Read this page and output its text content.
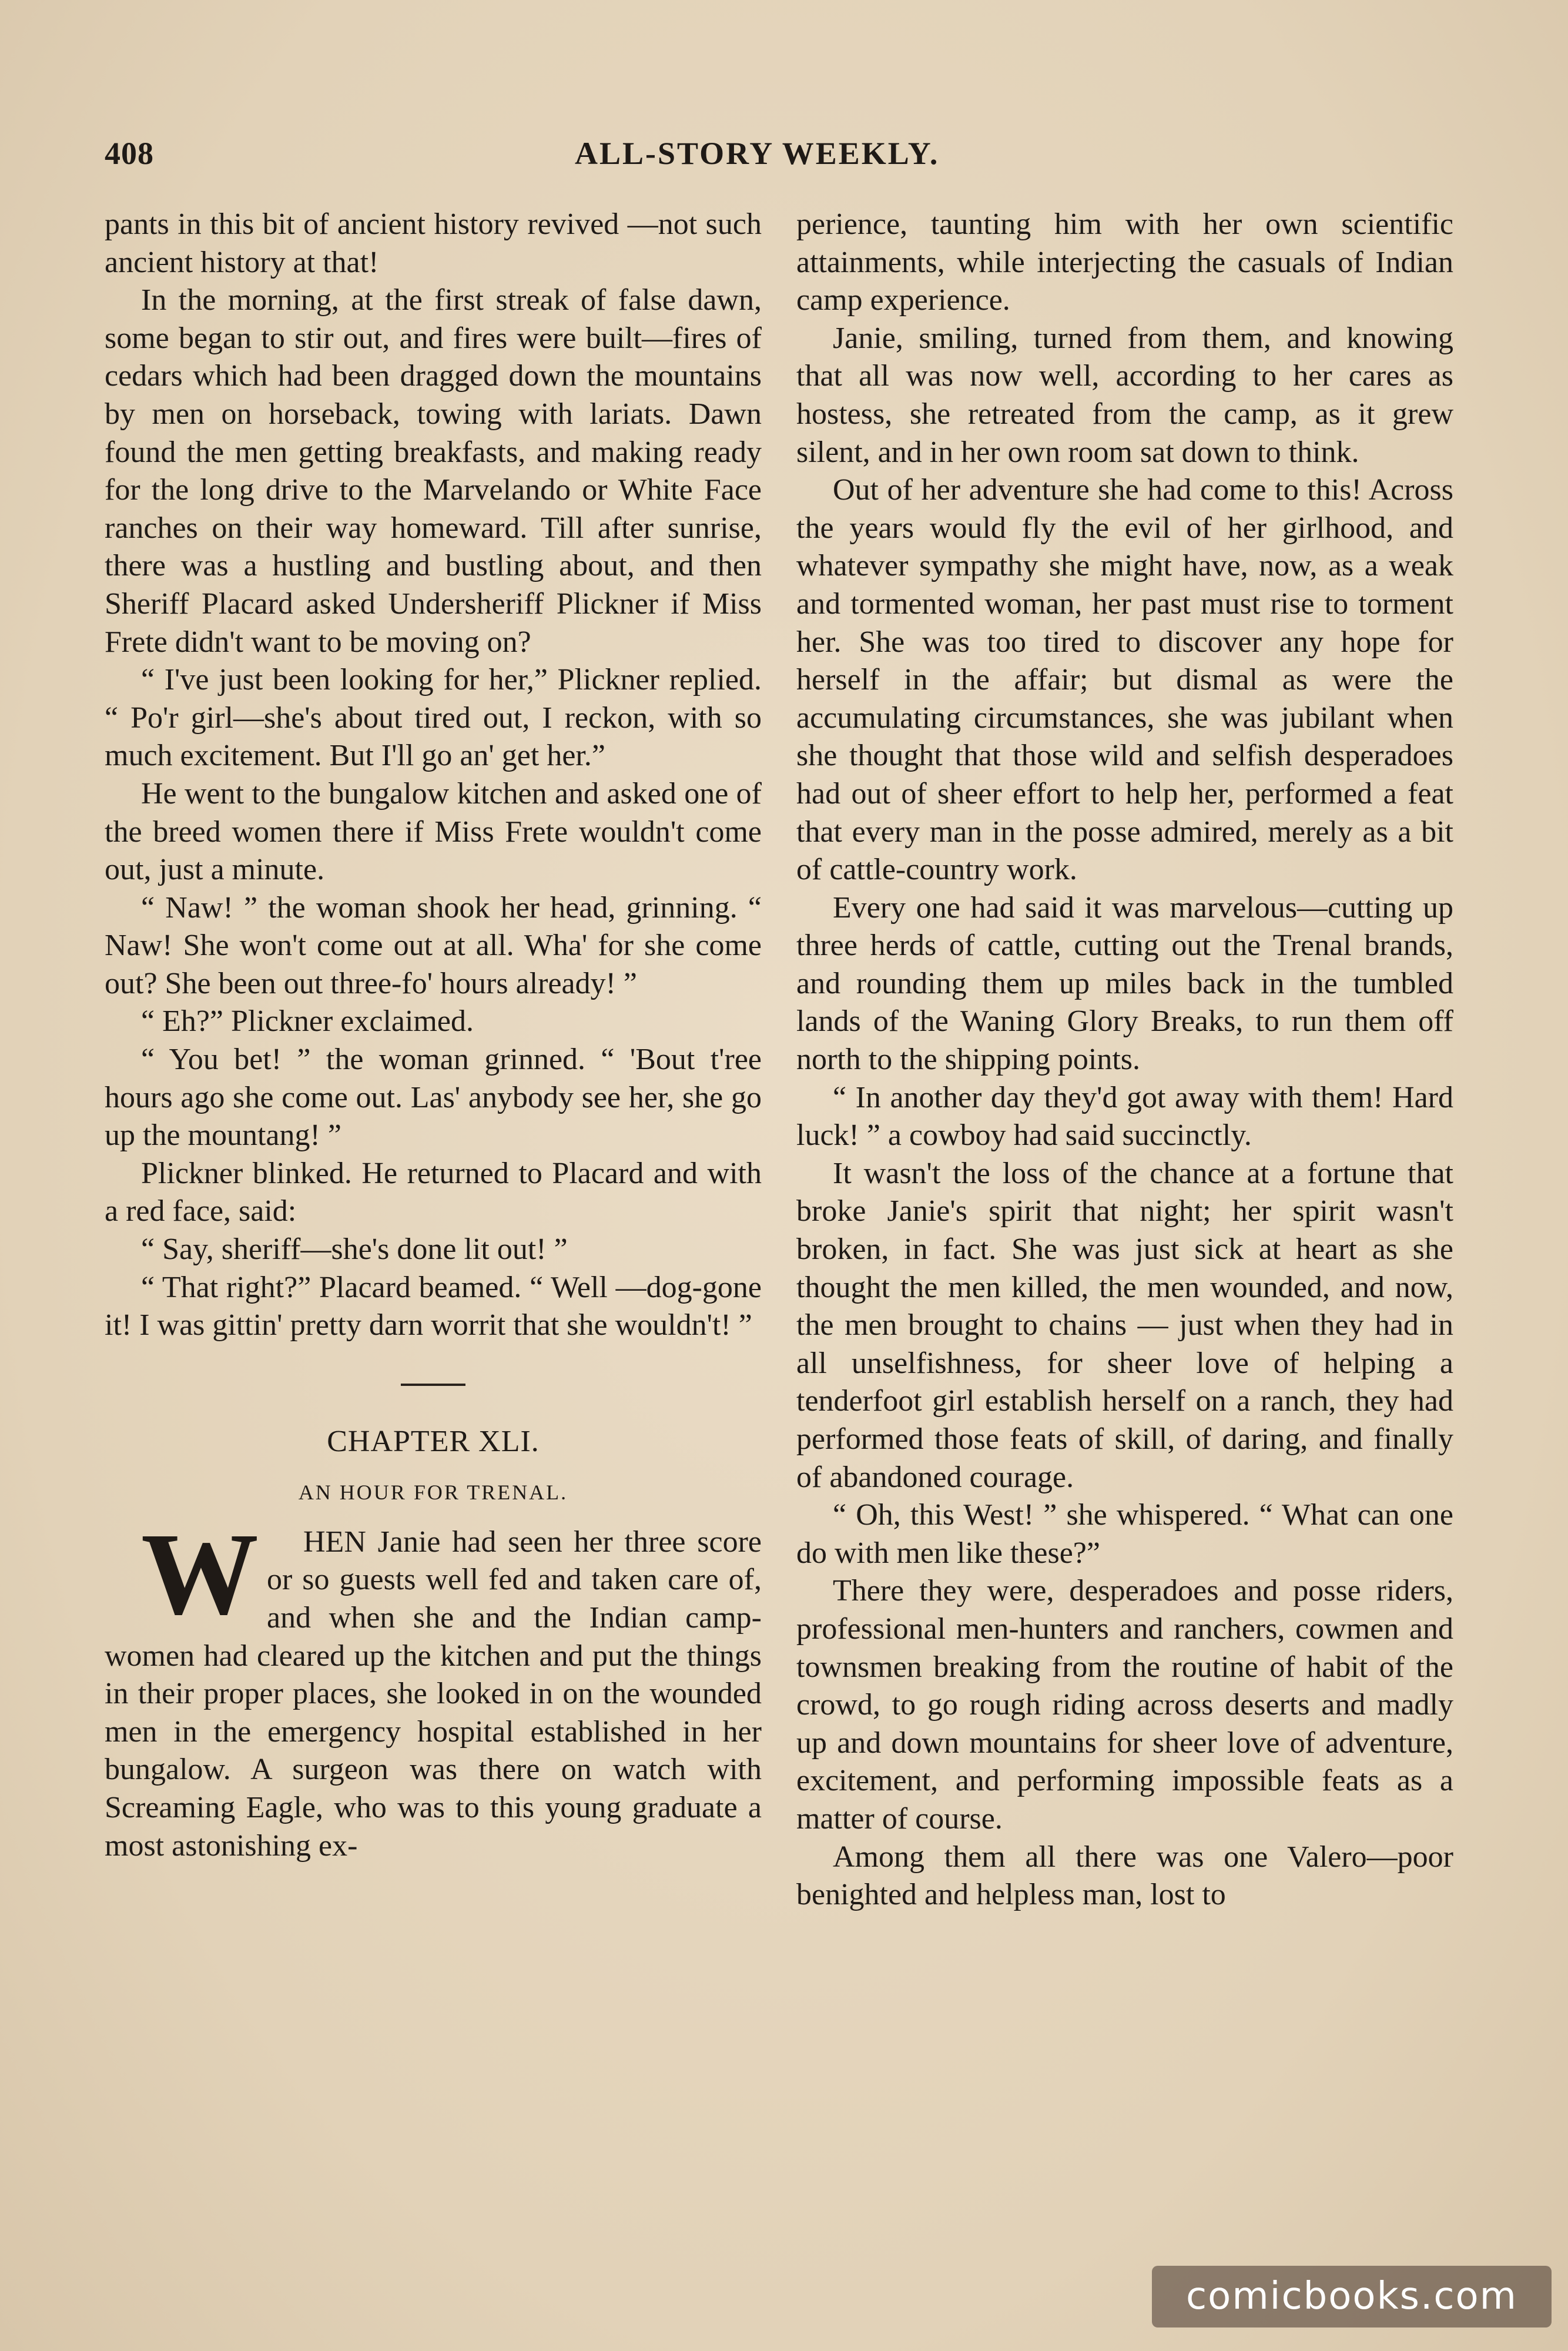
408	ALL-STORY WEEKLY.

pants in this bit of ancient history revived —not such ancient history at that!

In the morning, at the first streak of false dawn, some began to stir out, and fires were built—fires of cedars which had been dragged down the mountains by men on horseback, towing with lariats. Dawn found the men getting breakfasts, and making ready for the long drive to the Marvelando or White Face ranches on their way homeward. Till after sunrise, there was a hustling and bustling about, and then Sheriff Placard asked Undersheriff Plickner if Miss Frete didn't want to be moving on?

“ I've just been looking for her,” Plickner replied. “ Po'r girl—she's about tired out, I reckon, with so much excitement. But I'll go an' get her.”

He went to the bungalow kitchen and asked one of the breed women there if Miss Frete wouldn't come out, just a minute.

“ Naw! ” the woman shook her head, grinning. “ Naw! She won't come out at all. Wha' for she come out? She been out three-fo' hours already! ”

“ Eh?” Plickner exclaimed.

“ You bet! ” the woman grinned. “ 'Bout t'ree hours ago she come out. Las' anybody see her, she go up the mountang! ”

Plickner blinked. He returned to Placard and with a red face, said:

“ Say, sheriff—she's done lit out! ”

“ That right?” Placard beamed. “ Well —dog-gone it! I was gittin' pretty darn worrit that she wouldn't! ”

CHAPTER XLI.
AN HOUR FOR TRENAL.

W HEN Janie had seen her three score or so guests well fed and taken care of, and when she and the Indian camp-women had cleared up the kitchen and put the things in their proper places, she looked in on the wounded men in the emergency hospital established in her bungalow. A surgeon was there on watch with Screaming Eagle, who was to this young graduate a most astonishing ex-

perience, taunting him with her own scientific attainments, while interjecting the casuals of Indian camp experience.

Janie, smiling, turned from them, and knowing that all was now well, according to her cares as hostess, she retreated from the camp, as it grew silent, and in her own room sat down to think.

Out of her adventure she had come to this! Across the years would fly the evil of her girlhood, and whatever sympathy she might have, now, as a weak and tormented woman, her past must rise to torment her. She was too tired to discover any hope for herself in the affair; but dismal as were the accumulating circumstances, she was jubilant when she thought that those wild and selfish desperadoes had out of sheer effort to help her, performed a feat that every man in the posse admired, merely as a bit of cattle-country work.

Every one had said it was marvelous—cutting up three herds of cattle, cutting out the Trenal brands, and rounding them up miles back in the tumbled lands of the Waning Glory Breaks, to run them off north to the shipping points.

“ In another day they'd got away with them! Hard luck! ” a cowboy had said succinctly.

It wasn't the loss of the chance at a fortune that broke Janie's spirit that night; her spirit wasn't broken, in fact. She was just sick at heart as she thought the men killed, the men wounded, and now, the men brought to chains — just when they had in all unselfishness, for sheer love of helping a tenderfoot girl establish herself on a ranch, they had performed those feats of skill, of daring, and finally of abandoned courage.

“ Oh, this West! ” she whispered. “ What can one do with men like these?”

There they were, desperadoes and posse riders, professional men-hunters and ranchers, cowmen and townsmen breaking from the routine of habit of the crowd, to go rough riding across deserts and madly up and down mountains for sheer love of adventure, excitement, and performing impossible feats as a matter of course.

Among them all there was one Valero—poor benighted and helpless man, lost to

comicbooks.com
